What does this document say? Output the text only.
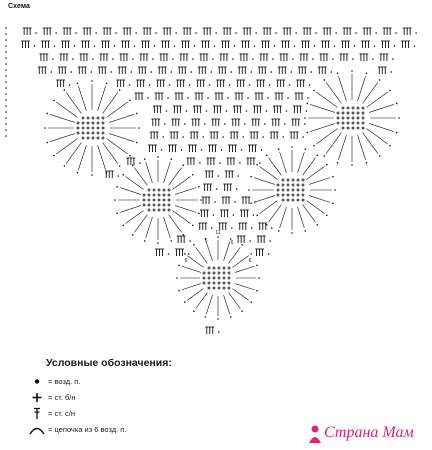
Схема
11
6	6
6	6
Условные обозначения:
= возд. п.
= ст. б/н
= ст. с/н
= цепочка из 6 возд. п.	Страна Мам
